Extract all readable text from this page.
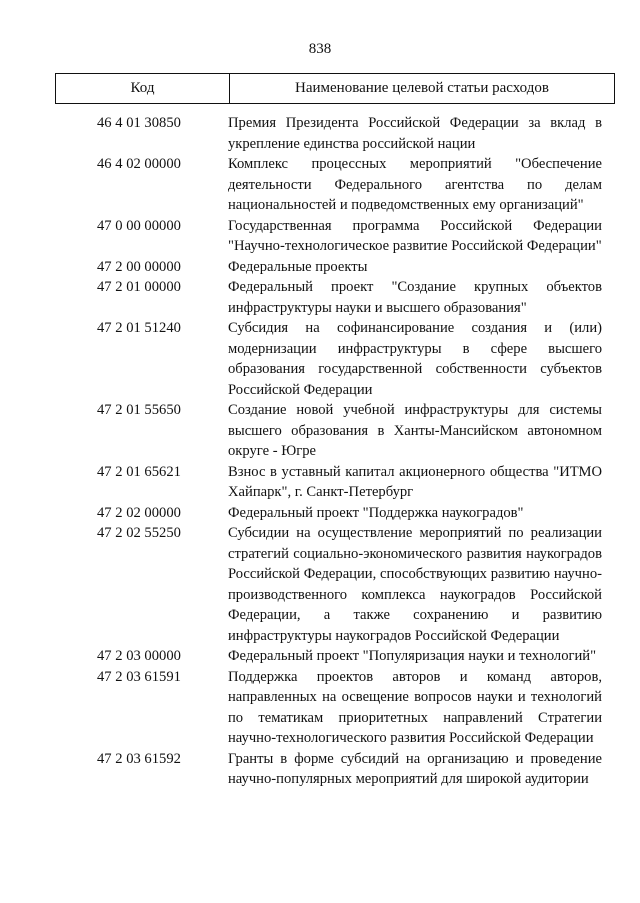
838
Код	Наименование целевой статьи расходов
46 4 01 30850	Премия Президента Российской Федерации за вклад в укрепление единства российской нации
46 4 02 00000	Комплекс процессных мероприятий "Обеспечение деятельности Федерального агентства по делам национальностей и подведомственных ему организаций"
47 0 00 00000	Государственная программа Российской Федерации "Научно-технологическое развитие Российской Федерации"
47 2 00 00000	Федеральные проекты
47 2 01 00000	Федеральный проект "Создание крупных объектов инфраструктуры науки и высшего образования"
47 2 01 51240	Субсидия на софинансирование создания и (или) модернизации инфраструктуры в сфере высшего образования государственной собственности субъектов Российской Федерации
47 2 01 55650	Создание новой учебной инфраструктуры для системы высшего образования в Ханты-Мансийском автономном округе - Югре
47 2 01 65621	Взнос в уставный капитал акционерного общества "ИТМО Хайпарк", г. Санкт-Петербург
47 2 02 00000	Федеральный проект "Поддержка наукоградов"
47 2 02 55250	Субсидии на осуществление мероприятий по реализации стратегий социально-экономического развития наукоградов Российской Федерации, способствующих развитию научно-производственного комплекса наукоградов Российской Федерации, а также сохранению и развитию инфраструктуры наукоградов Российской Федерации
47 2 03 00000	Федеральный проект "Популяризация науки и технологий"
47 2 03 61591	Поддержка проектов авторов и команд авторов, направленных на освещение вопросов науки и технологий по тематикам приоритетных направлений Стратегии научно-технологического развития Российской Федерации
47 2 03 61592	Гранты в форме субсидий на организацию и проведение научно-популярных мероприятий для широкой аудитории
